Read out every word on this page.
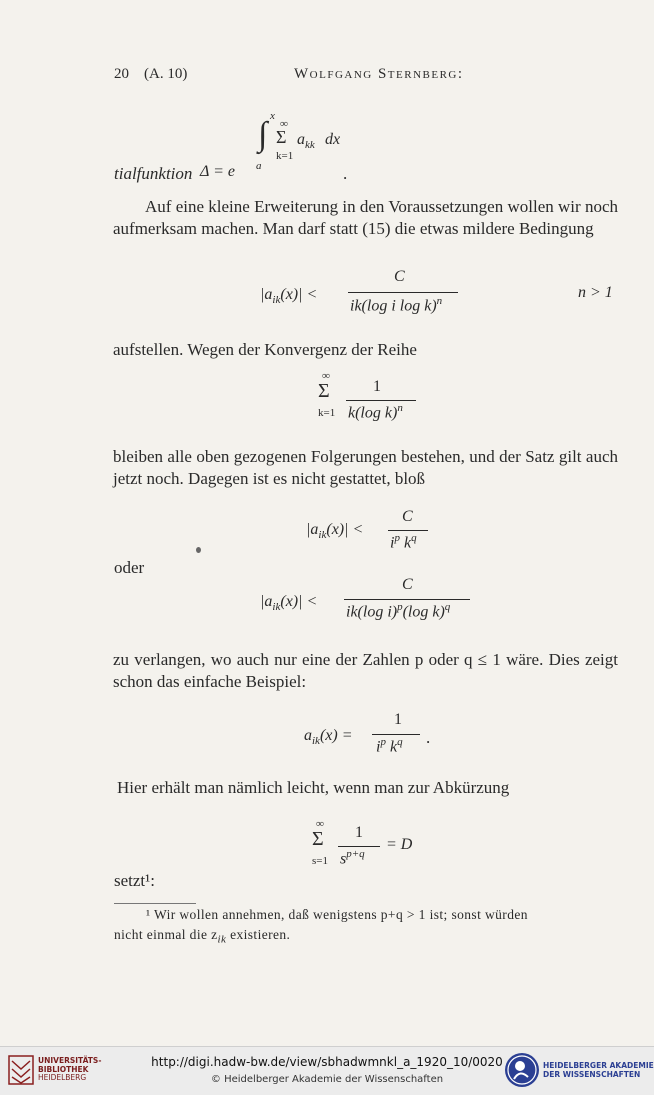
20 (A. 10)	Wolfgang Sternberg:
x
∫ ∞
Σ
k=1
$a_{kk}$ dx
tialfunktion Δ = e a	.
Auf eine kleine Erweiterung in den Voraussetzungen wollen wir noch aufmerksam machen. Man darf statt (15) die etwas mildere Bedingung
$|a_{ik}(x)|$ <
C
ik(log i log k)$^n$	n > 1
aufstellen. Wegen der Konvergenz der Reihe
∞
Σ
k=1
1
k(log k)$^n$
bleiben alle oben gezogenen Folgerungen bestehen, und der Satz gilt auch jetzt noch. Dagegen ist es nicht gestattet, bloß
$|a_{ik}(x)|$ <
C
$i^p$ $k^q$
oder
$|a_{ik}(x)|$ <
C
ik(log i)$^p$(log k)$^q$
zu verlangen, wo auch nur eine der Zahlen p oder q ≤ 1 wäre. Dies zeigt schon das einfache Beispiel:
$a_{ik}(x)$ =
1
$i^p$ $k^q$ .
Hier erhält man nämlich leicht, wenn man zur Abkürzung
∞
Σ
s=1
1
$s^{p+q}$
= D
setzt¹:
¹ Wir wollen annehmen, daß wenigstens p+q > 1 ist; sonst würden
nicht einmal die $z_{ik}$ existieren.
UNIVERSITÄTS-
BIBLIOTHEK
HEIDELBERG
http://digi.hadw-bw.de/view/sbhadwmnkl_a_1920_10/0020
© Heidelberger Akademie der Wissenschaften
HEIDELBERGER AKADEMIE
DER WISSENSCHAFTEN
